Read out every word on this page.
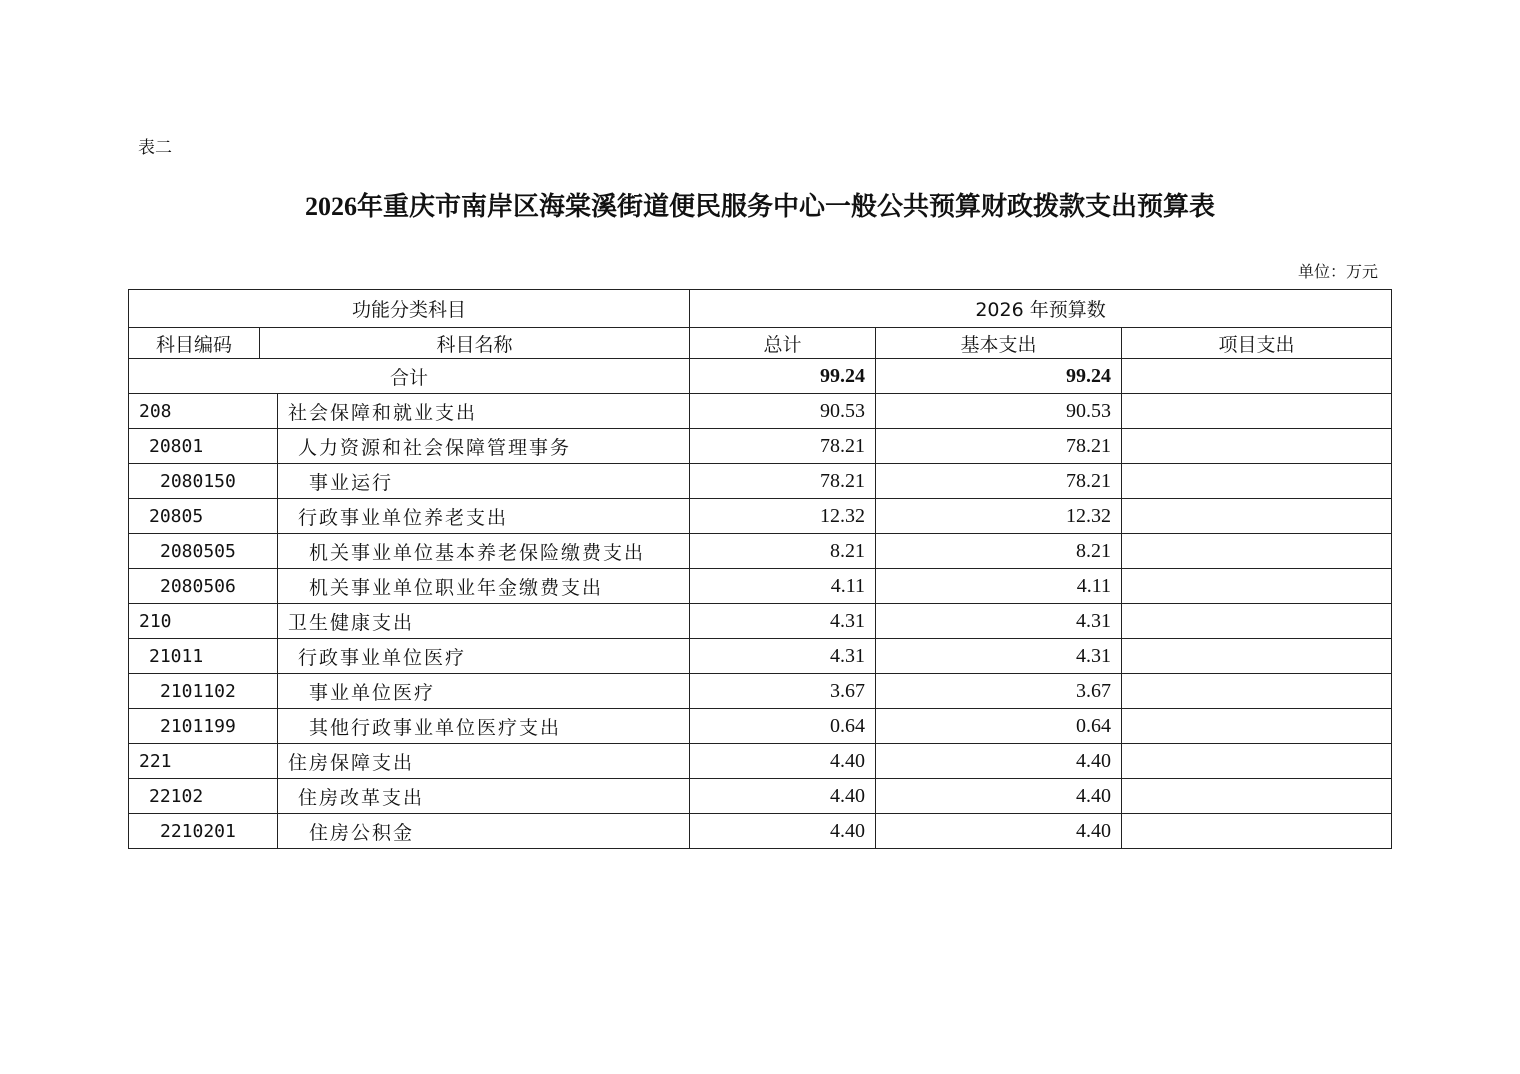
表二
2026年重庆市南岸区海棠溪街道便民服务中心一般公共预算财政拨款支出预算表
单位：万元
功能分类科目			2026 年预算数		
科目编码	科目名称		总计	基本支出	项目支出
合计			99.24	99.24	
208		社会保障和就业支出	90.53	90.53	
20801		人力资源和社会保障管理事务	78.21	78.21	
2080150		事业运行	78.21	78.21	
20805		行政事业单位养老支出	12.32	12.32	
2080505		机关事业单位基本养老保险缴费支出	8.21	8.21	
2080506		机关事业单位职业年金缴费支出	4.11	4.11	
210		卫生健康支出	4.31	4.31	
21011		行政事业单位医疗	4.31	4.31	
2101102		事业单位医疗	3.67	3.67	
2101199		其他行政事业单位医疗支出	0.64	0.64	
221		住房保障支出	4.40	4.40	
22102		住房改革支出	4.40	4.40	
2210201		住房公积金	4.40	4.40	
